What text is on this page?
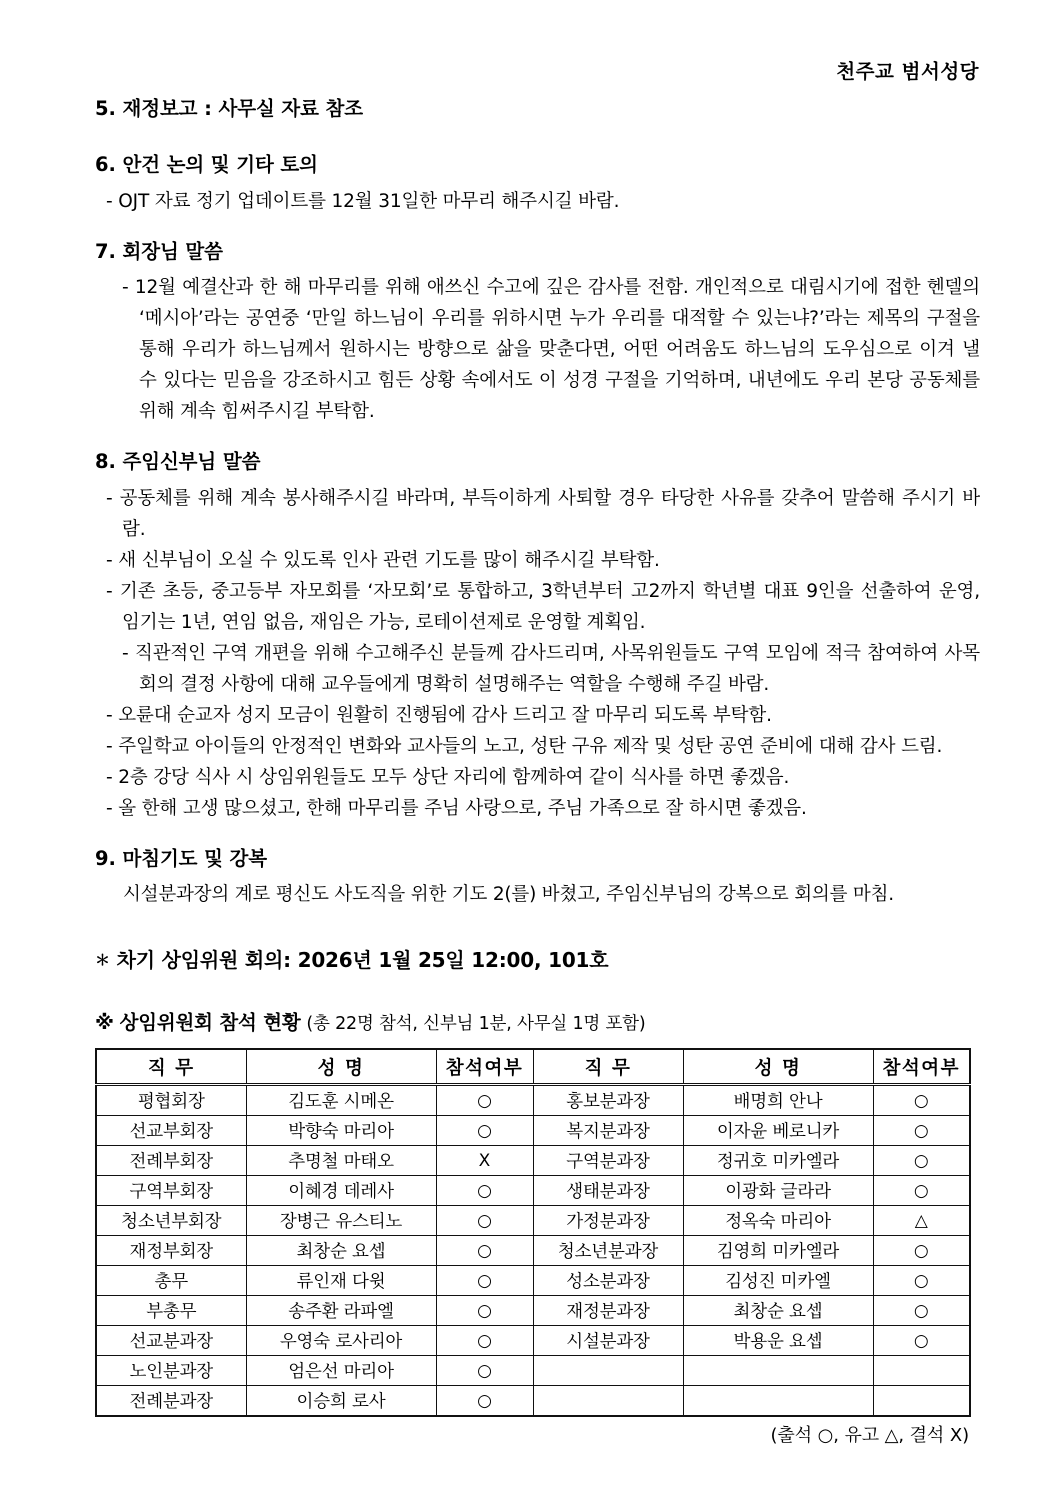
천주교 범서성당

5. 재정보고 : 사무실 자료 참조

6. 안건 논의 및 기타 토의

- OJT 자료 정기 업데이트를 12월 31일한 마무리 해주시길 바람.

7. 회장님 말씀

- 12월 예결산과 한 해 마무리를 위해 애쓰신 수고에 깊은 감사를 전함. 개인적으로 대림시기에 접한 헨델의 ‘메시아’라는 공연중 ‘만일 하느님이 우리를 위하시면 누가 우리를 대적할 수 있는냐?’라는 제목의 구절을 통해 우리가 하느님께서 원하시는 방향으로 삶을 맞춘다면, 어떤 어려움도 하느님의 도우심으로 이겨 낼 수 있다는 믿음을 강조하시고 힘든 상황 속에서도 이 성경 구절을 기억하며, 내년에도 우리 본당 공동체를 위해 계속 힘써주시길 부탁함.

8. 주임신부님 말씀

- 공동체를 위해 계속 봉사해주시길 바라며, 부득이하게 사퇴할 경우 타당한 사유를 갖추어 말씀해 주시기 바람.

- 새 신부님이 오실 수 있도록 인사 관련 기도를 많이 해주시길 부탁함.

- 기존 초등, 중고등부 자모회를 ‘자모회’로 통합하고, 3학년부터 고2까지 학년별 대표 9인을 선출하여 운영, 임기는 1년, 연임 없음, 재임은 가능, 로테이션제로 운영할 계획임.

- 직관적인 구역 개편을 위해 수고해주신 분들께 감사드리며, 사목위원들도 구역 모임에 적극 참여하여 사목회의 결정 사항에 대해 교우들에게 명확히 설명해주는 역할을 수행해 주길 바람.

- 오륜대 순교자 성지 모금이 원활히 진행됨에 감사 드리고 잘 마무리 되도록 부탁함.

- 주일학교 아이들의 안정적인 변화와 교사들의 노고, 성탄 구유 제작 및 성탄 공연 준비에 대해 감사 드림.

- 2층 강당 식사 시 상임위원들도 모두 상단 자리에 함께하여 같이 식사를 하면 좋겠음.

- 올 한해 고생 많으셨고, 한해 마무리를 주님 사랑으로, 주님 가족으로 잘 하시면 좋겠음.

9. 마침기도 및 강복

시설분과장의 계로 평신도 사도직을 위한 기도 2(를) 바쳤고, 주임신부님의 강복으로 회의를 마침.

＊ 차기 상임위원 회의: 2026년 1월 25일 12:00, 101호

※ 상임위원회 참석 현황 (총 22명 참석, 신부님 1분, 사무실 1명 포함)

직 무	성 명	참석여부	직 무	성 명	참석여부
평협회장	김도훈 시메온	○	홍보분과장	배명희 안나	○
선교부회장	박향숙 마리아	○	복지분과장	이자윤 베로니카	○
전례부회장	추명철 마태오	X	구역분과장	정귀호 미카엘라	○
구역부회장	이혜경 데레사	○	생태분과장	이광화 글라라	○
청소년부회장	장병근 유스티노	○	가정분과장	정옥숙 마리아	△
재정부회장	최창순 요셉	○	청소년분과장	김영희 미카엘라	○
총무	류인재 다윗	○	성소분과장	김성진 미카엘	○
부총무	송주환 라파엘	○	재정분과장	최창순 요셉	○
선교분과장	우영숙 로사리아	○	시설분과장	박용운 요셉	○
노인분과장	엄은선 마리아	○			
전례분과장	이승희 로사	○			
(출석 ○, 유고 △, 결석 X)
